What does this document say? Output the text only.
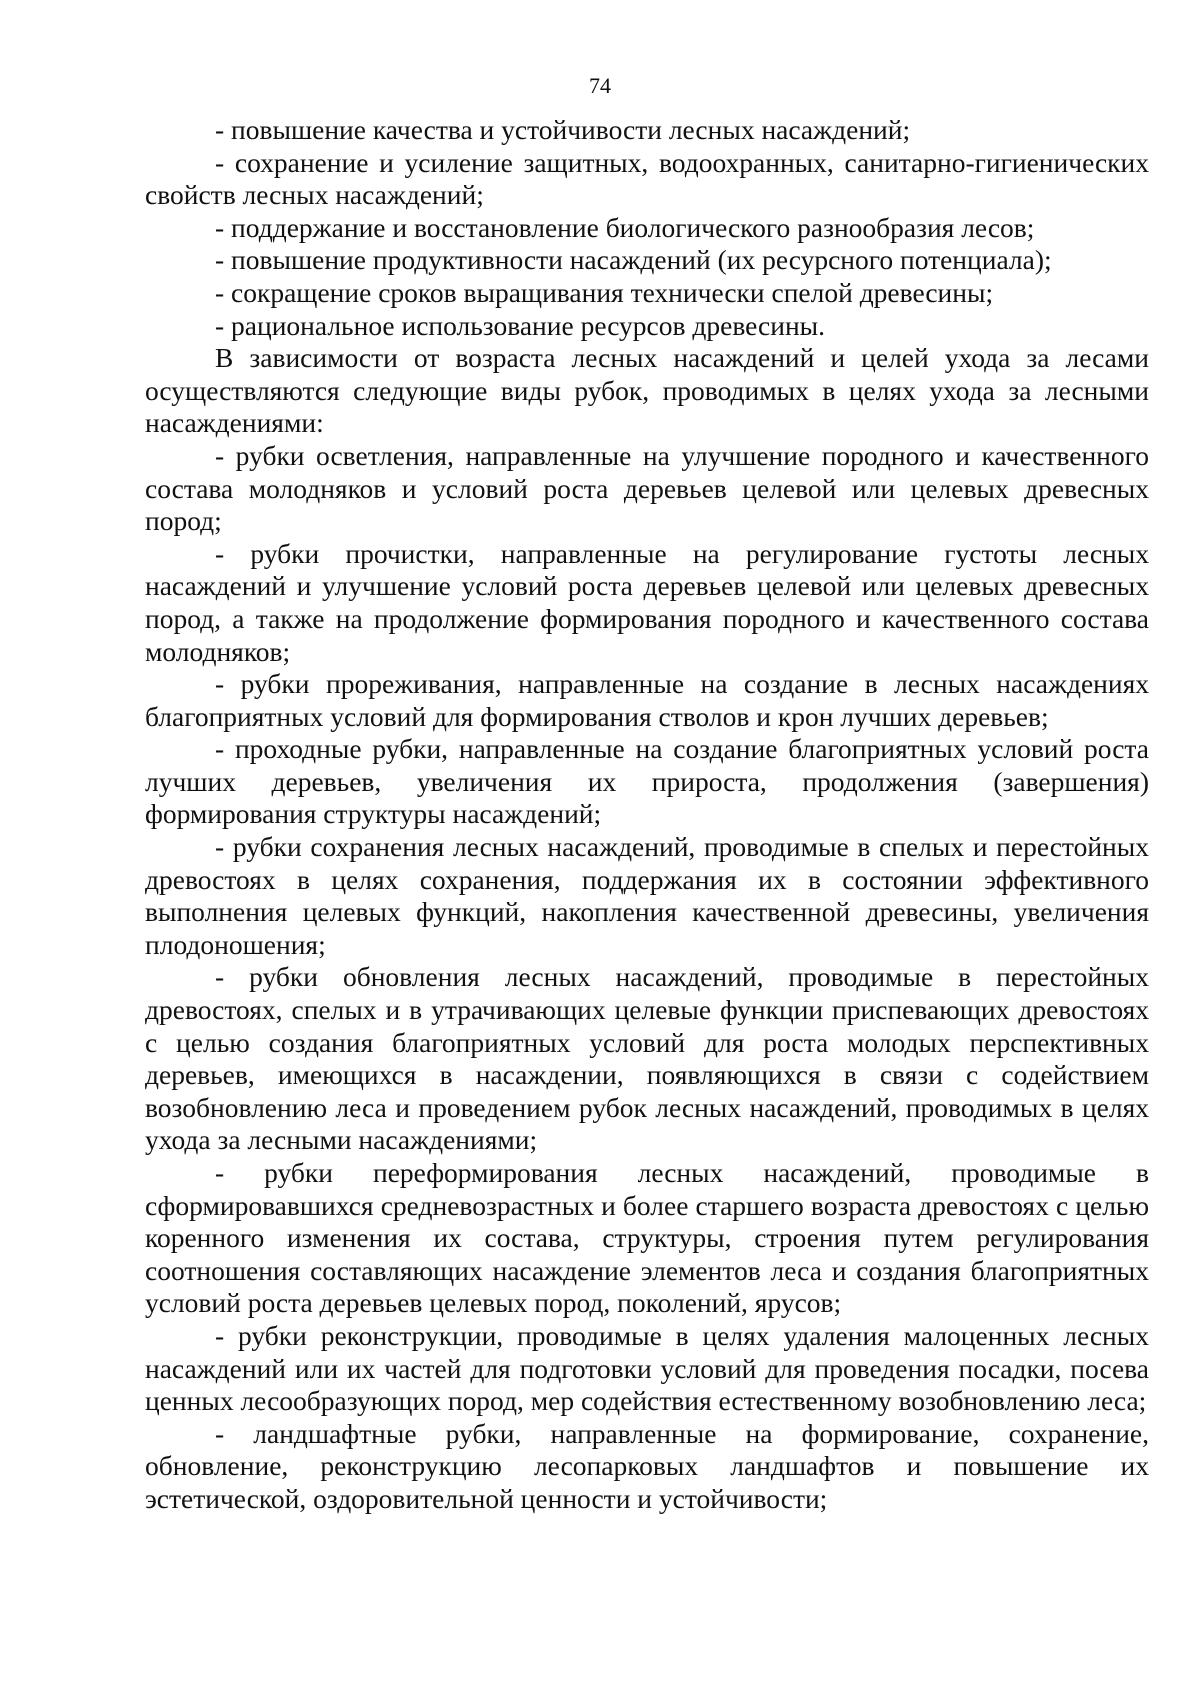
74

- повышение качества и устойчивости лесных насаждений;

- сохранение и усиление защитных, водоохранных, санитарно-гигиенических свойств лесных насаждений;

- поддержание и восстановление биологического разнообразия лесов;

- повышение продуктивности насаждений (их ресурсного потенциала);

- сокращение сроков выращивания технически спелой древесины;

- рациональное использование ресурсов древесины.

В зависимости от возраста лесных насаждений и целей ухода за лесами осуществляются следующие виды рубок, проводимых в целях ухода за лесными насаждениями:

- рубки осветления, направленные на улучшение породного и качественного состава молодняков и условий роста деревьев целевой или целевых древесных пород;

- рубки прочистки, направленные на регулирование густоты лесных насаждений и улучшение условий роста деревьев целевой или целевых древесных пород, а также на продолжение формирования породного и качественного состава молодняков;

- рубки прореживания, направленные на создание в лесных насаждениях благоприятных условий для формирования стволов и крон лучших деревьев;

- проходные рубки, направленные на создание благоприятных условий роста лучших деревьев, увеличения их прироста, продолжения (завершения) формирования структуры насаждений;

- рубки сохранения лесных насаждений, проводимые в спелых и перестойных древостоях в целях сохранения, поддержания их в состоянии эффективного выполнения целевых функций, накопления качественной древесины, увеличения плодоношения;

- рубки обновления лесных насаждений, проводимые в перестойных древостоях, спелых и в утрачивающих целевые функции приспевающих древостоях с целью создания благоприятных условий для роста молодых перспективных деревьев, имеющихся в насаждении, появляющихся в связи с содействием возобновлению леса и проведением рубок лесных насаждений, проводимых в целях ухода за лесными насаждениями;

- рубки переформирования лесных насаждений, проводимые в сформировавшихся средневозрастных и более старшего возраста древостоях с целью коренного изменения их состава, структуры, строения путем регулирования соотношения составляющих насаждение элементов леса и создания благоприятных условий роста деревьев целевых пород, поколений, ярусов;

- рубки реконструкции, проводимые в целях удаления малоценных лесных насаждений или их частей для подготовки условий для проведения посадки, посева ценных лесообразующих пород, мер содействия естественному возобновлению леса;

- ландшафтные рубки, направленные на формирование, сохранение, обновление, реконструкцию лесопарковых ландшафтов и повышение их эстетической, оздоровительной ценности и устойчивости;
